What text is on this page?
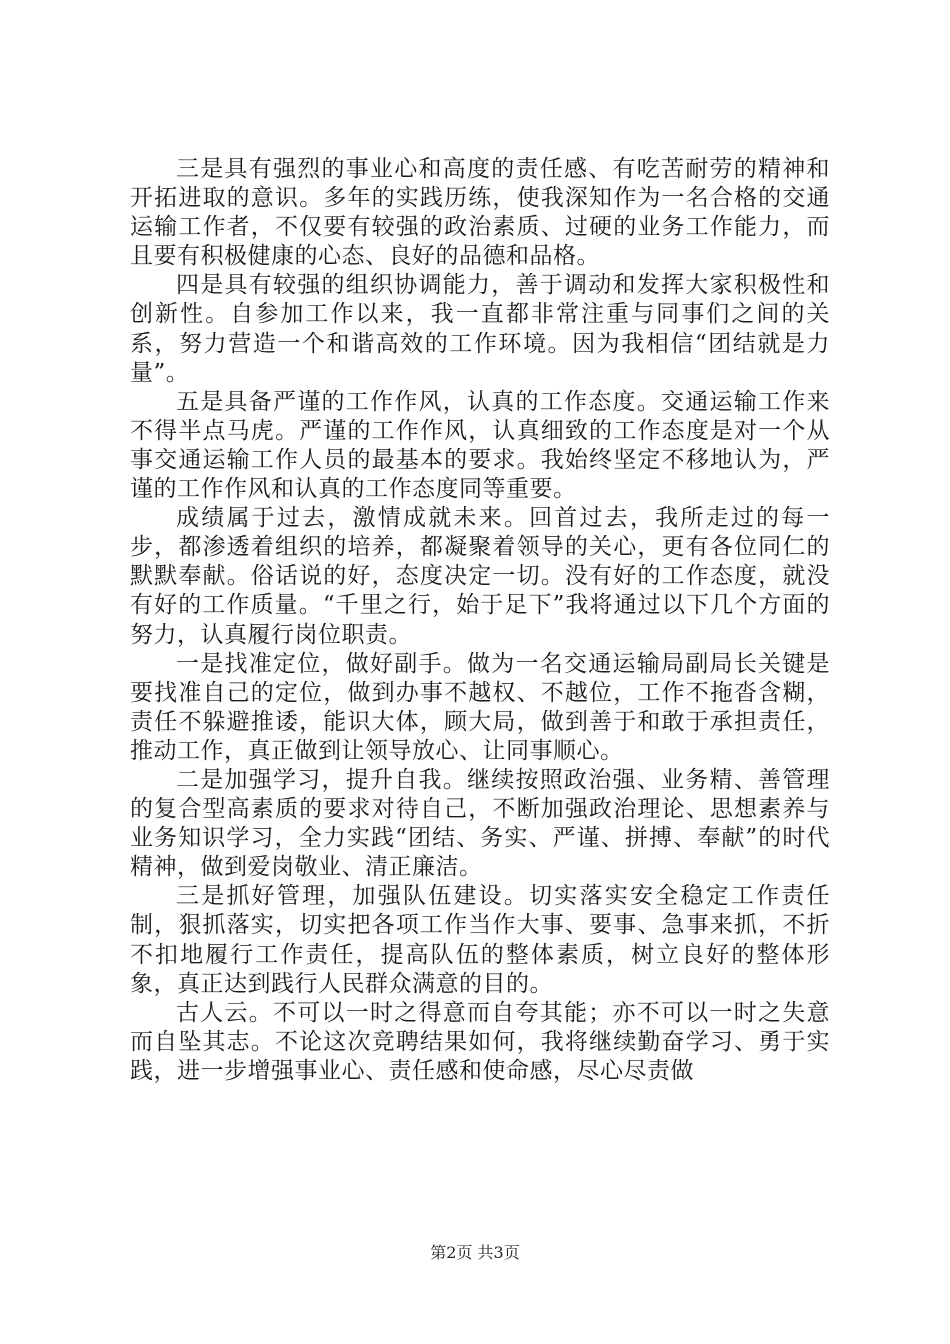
三是具有强烈的事业心和高度的责任感、有吃苦耐劳的精神和开拓进取的意识。多年的实践历练，使我深知作为一名合格的交通运输工作者，不仅要有较强的政治素质、过硬的业务工作能力，而且要有积极健康的心态、良好的品德和品格。

四是具有较强的组织协调能力，善于调动和发挥大家积极性和创新性。自参加工作以来，我一直都非常注重与同事们之间的关系，努力营造一个和谐高效的工作环境。因为我相信“团结就是力量”。

五是具备严谨的工作作风，认真的工作态度。交通运输工作来不得半点马虎。严谨的工作作风，认真细致的工作态度是对一个从事交通运输工作人员的最基本的要求。我始终坚定不移地认为，严谨的工作作风和认真的工作态度同等重要。

成绩属于过去，激情成就未来。回首过去，我所走过的每一步，都渗透着组织的培养，都凝聚着领导的关心，更有各位同仁的默默奉献。俗话说的好，态度决定一切。没有好的工作态度，就没有好的工作质量。“千里之行，始于足下”我将通过以下几个方面的努力，认真履行岗位职责。

一是找准定位，做好副手。做为一名交通运输局副局长关键是要找准自己的定位，做到办事不越权、不越位，工作不拖沓含糊，责任不躲避推诿，能识大体，顾大局，做到善于和敢于承担责任，推动工作，真正做到让领导放心、让同事顺心。

二是加强学习，提升自我。继续按照政治强、业务精、善管理的复合型高素质的要求对待自己，不断加强政治理论、思想素养与业务知识学习，全力实践“团结、务实、严谨、拼搏、奉献”的时代精神，做到爱岗敬业、清正廉洁。

三是抓好管理，加强队伍建设。切实落实安全稳定工作责任制，狠抓落实，切实把各项工作当作大事、要事、急事来抓，不折不扣地履行工作责任，提高队伍的整体素质，树立良好的整体形象，真正达到践行人民群众满意的目的。

古人云。不可以一时之得意而自夸其能；亦不可以一时之失意而自坠其志。不论这次竞聘结果如何，我将继续勤奋学习、勇于实践，进一步增强事业心、责任感和使命感，尽心尽责做

第2页 共3页
